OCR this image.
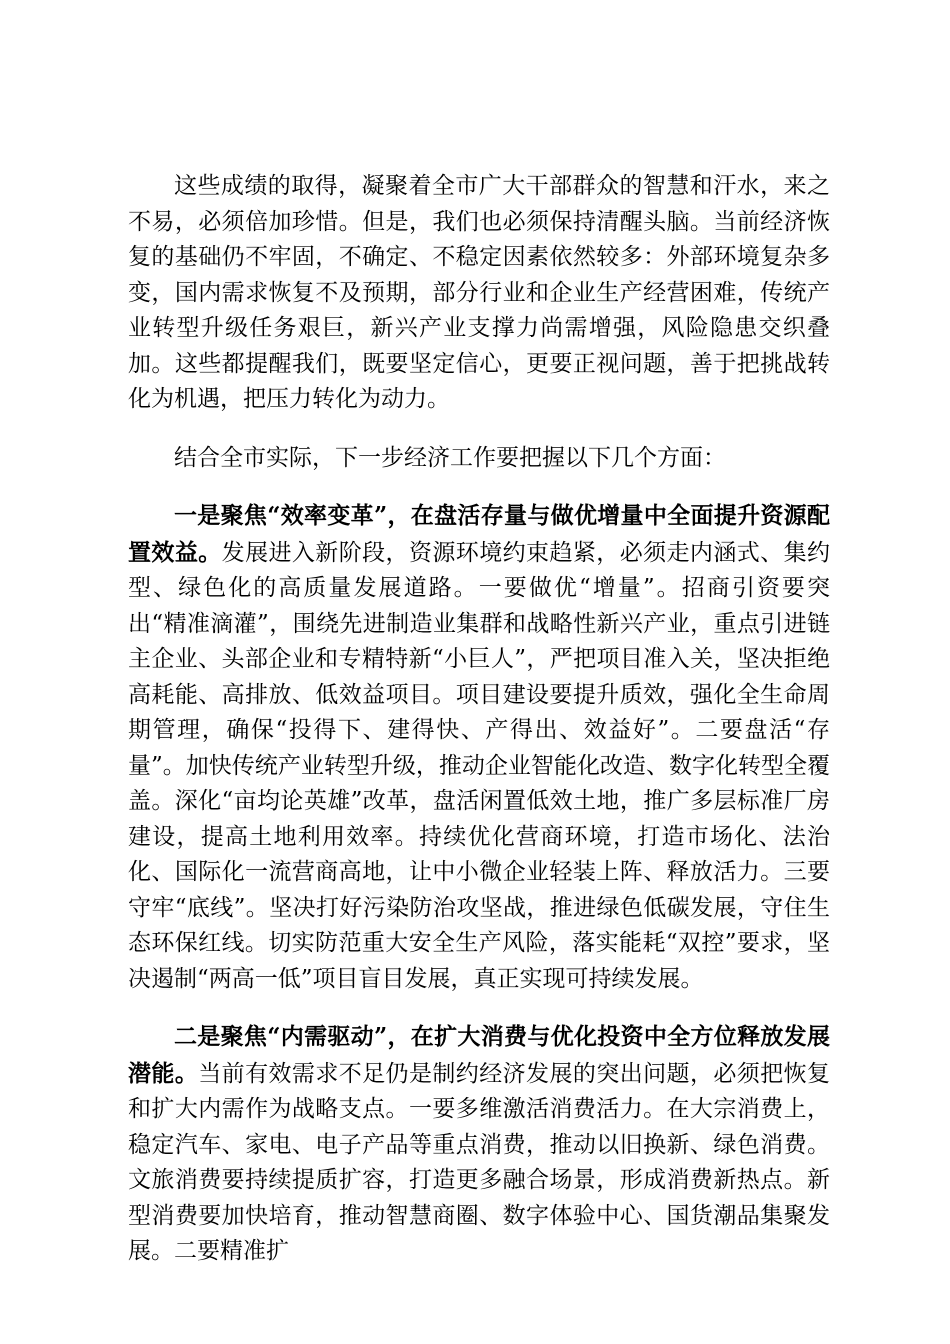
这些成绩的取得，凝聚着全市广大干部群众的智慧和汗水，来之不易，必须倍加珍惜。但是，我们也必须保持清醒头脑。当前经济恢复的基础仍不牢固，不确定、不稳定因素依然较多：外部环境复杂多变，国内需求恢复不及预期，部分行业和企业生产经营困难，传统产业转型升级任务艰巨，新兴产业支撑力尚需增强，风险隐患交织叠加。这些都提醒我们，既要坚定信心，更要正视问题，善于把挑战转化为机遇，把压力转化为动力。

结合全市实际，下一步经济工作要把握以下几个方面：

一是聚焦“效率变革”，在盘活存量与做优增量中全面提升资源配置效益。发展进入新阶段，资源环境约束趋紧，必须走内涵式、集约型、绿色化的高质量发展道路。一要做优“增量”。招商引资要突出“精准滴灌”，围绕先进制造业集群和战略性新兴产业，重点引进链主企业、头部企业和专精特新“小巨人”，严把项目准入关，坚决拒绝高耗能、高排放、低效益项目。项目建设要提升质效，强化全生命周期管理，确保“投得下、建得快、产得出、效益好”。二要盘活“存量”。加快传统产业转型升级，推动企业智能化改造、数字化转型全覆盖。深化“亩均论英雄”改革，盘活闲置低效土地，推广多层标准厂房建设，提高土地利用效率。持续优化营商环境，打造市场化、法治化、国际化一流营商高地，让中小微企业轻装上阵、释放活力。三要守牢“底线”。坚决打好污染防治攻坚战，推进绿色低碳发展，守住生态环保红线。切实防范重大安全生产风险，落实能耗“双控”要求，坚决遏制“两高一低”项目盲目发展，真正实现可持续发展。

二是聚焦“内需驱动”，在扩大消费与优化投资中全方位释放发展潜能。当前有效需求不足仍是制约经济发展的突出问题，必须把恢复和扩大内需作为战略支点。一要多维激活消费活力。在大宗消费上，稳定汽车、家电、电子产品等重点消费，推动以旧换新、绿色消费。文旅消费要持续提质扩容，打造更多融合场景，形成消费新热点。新型消费要加快培育，推动智慧商圈、数字体验中心、国货潮品集聚发展。二要精准扩
